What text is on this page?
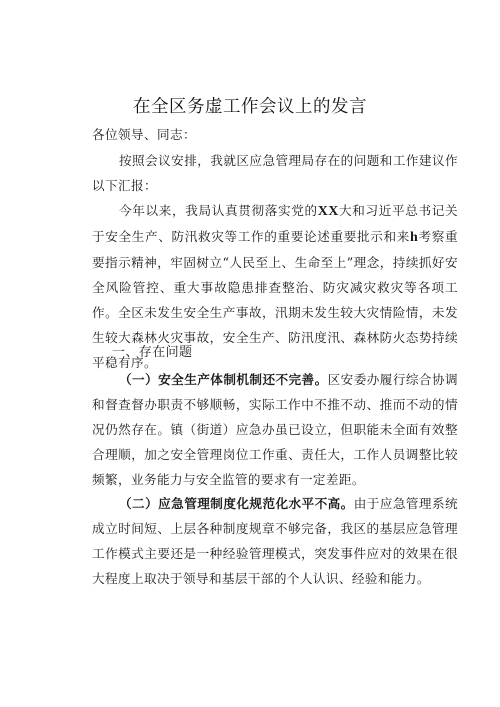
在全区务虚工作会议上的发言
各位领导、同志：
按照会议安排，我就区应急管理局存在的问题和工作建议作以下汇报：
今年以来，我局认真贯彻落实党的XX大和习近平总书记关于安全生产、防汛救灾等工作的重要论述重要批示和来h考察重要指示精神，牢固树立“人民至上、生命至上”理念，持续抓好安全风险管控、重大事故隐患排查整治、防灾减灾救灾等各项工作。全区未发生安全生产事故，汛期未发生较大灾情险情，未发生较大森林火灾事故，安全生产、防汛度汛、森林防火态势持续平稳有序。
一、存在问题
（一）安全生产体制机制还不完善。区安委办履行综合协调和督查督办职责不够顺畅，实际工作中不推不动、推而不动的情况仍然存在。镇（街道）应急办虽已设立，但职能未全面有效整合理顺，加之安全管理岗位工作重、责任大，工作人员调整比较频繁，业务能力与安全监管的要求有一定差距。
（二）应急管理制度化规范化水平不高。由于应急管理系统成立时间短、上层各种制度规章不够完备，我区的基层应急管理工作模式主要还是一种经验管理模式，突发事件应对的效果在很大程度上取决于领导和基层干部的个人认识、经验和能力。
